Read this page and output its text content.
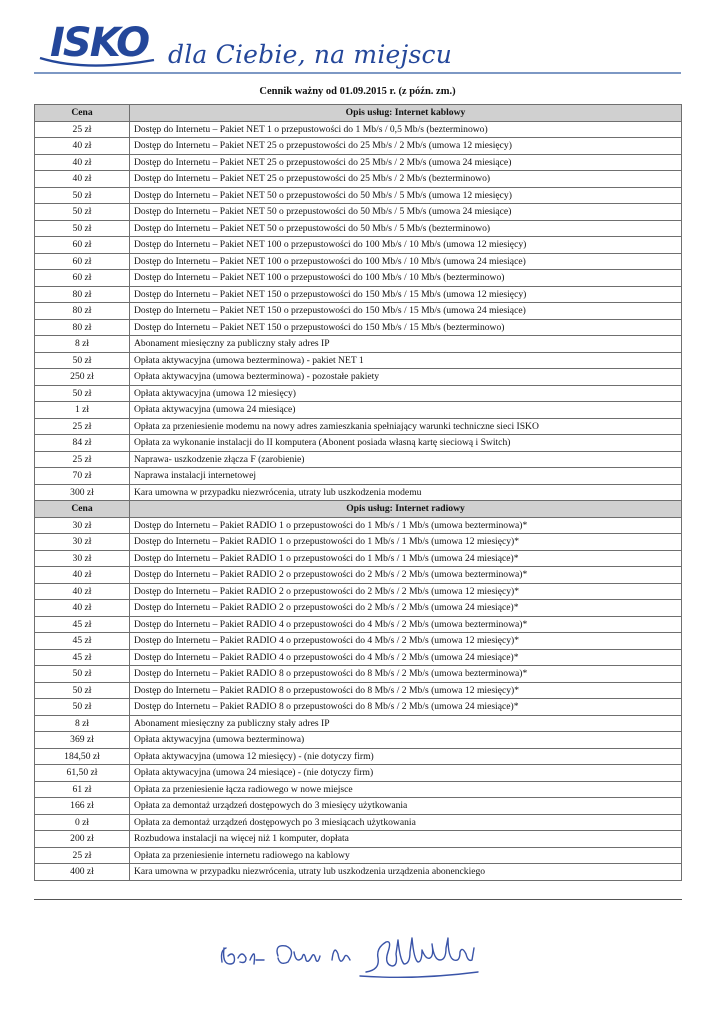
ISKO dla Ciebie, na miejscu
Cennik ważny od 01.09.2015 r. (z późn. zm.)
Cena	Opis usług: Internet kablowy
25 zł	Dostęp do Internetu – Pakiet NET 1 o przepustowości do 1 Mb/s / 0,5 Mb/s (bezterminowo)
40 zł	Dostęp do Internetu – Pakiet NET 25 o przepustowości do 25 Mb/s / 2 Mb/s (umowa 12 miesięcy)
40 zł	Dostęp do Internetu – Pakiet NET 25 o przepustowości do 25 Mb/s / 2 Mb/s (umowa 24 miesiące)
40 zł	Dostęp do Internetu – Pakiet NET 25 o przepustowości do 25 Mb/s / 2 Mb/s (bezterminowo)
50 zł	Dostęp do Internetu – Pakiet NET 50 o przepustowości do 50 Mb/s / 5 Mb/s (umowa 12 miesięcy)
50 zł	Dostęp do Internetu – Pakiet NET 50 o przepustowości do 50 Mb/s / 5 Mb/s (umowa 24 miesiące)
50 zł	Dostęp do Internetu – Pakiet NET 50 o przepustowości do 50 Mb/s / 5 Mb/s (bezterminowo)
60 zł	Dostęp do Internetu – Pakiet NET 100 o przepustowości do 100 Mb/s / 10 Mb/s (umowa 12 miesięcy)
60 zł	Dostęp do Internetu – Pakiet NET 100 o przepustowości do 100 Mb/s / 10 Mb/s (umowa 24 miesiące)
60 zł	Dostęp do Internetu – Pakiet NET 100 o przepustowości do 100 Mb/s / 10 Mb/s (bezterminowo)
80 zł	Dostęp do Internetu – Pakiet NET 150 o przepustowości do 150 Mb/s / 15 Mb/s (umowa 12 miesięcy)
80 zł	Dostęp do Internetu – Pakiet NET 150 o przepustowości do 150 Mb/s / 15 Mb/s (umowa 24 miesiące)
80 zł	Dostęp do Internetu – Pakiet NET 150 o przepustowości do 150 Mb/s / 15 Mb/s (bezterminowo)
8 zł	Abonament miesięczny za publiczny stały adres IP
50 zł	Opłata aktywacyjna (umowa bezterminowa) - pakiet NET 1
250 zł	Opłata aktywacyjna (umowa bezterminowa) - pozostałe pakiety
50 zł	Opłata aktywacyjna (umowa 12 miesięcy)
1 zł	Opłata aktywacyjna (umowa 24 miesiące)
25 zł	Opłata za przeniesienie modemu na nowy adres zamieszkania spełniający warunki techniczne sieci ISKO
84 zł	Opłata za wykonanie instalacji do II komputera (Abonent posiada własną kartę sieciową i Switch)
25 zł	Naprawa- uszkodzenie złącza F (zarobienie)
70 zł	Naprawa instalacji internetowej
300 zł	Kara umowna w przypadku niezwrócenia, utraty lub uszkodzenia modemu
Cena	Opis usług: Internet radiowy
30 zł	Dostęp do Internetu – Pakiet RADIO 1 o przepustowości do 1 Mb/s / 1 Mb/s (umowa bezterminowa)*
30 zł	Dostęp do Internetu – Pakiet RADIO 1 o przepustowości do 1 Mb/s / 1 Mb/s (umowa 12 miesięcy)*
30 zł	Dostęp do Internetu – Pakiet RADIO 1 o przepustowości do 1 Mb/s / 1 Mb/s (umowa 24 miesiące)*
40 zł	Dostęp do Internetu – Pakiet RADIO 2 o przepustowości do 2 Mb/s / 2 Mb/s (umowa bezterminowa)*
40 zł	Dostęp do Internetu – Pakiet RADIO 2 o przepustowości do 2 Mb/s / 2 Mb/s (umowa 12 miesięcy)*
40 zł	Dostęp do Internetu – Pakiet RADIO 2 o przepustowości do 2 Mb/s / 2 Mb/s (umowa 24 miesiące)*
45 zł	Dostęp do Internetu – Pakiet RADIO 4 o przepustowości do 4 Mb/s / 2 Mb/s (umowa bezterminowa)*
45 zł	Dostęp do Internetu – Pakiet RADIO 4 o przepustowości do 4 Mb/s / 2 Mb/s (umowa 12 miesięcy)*
45 zł	Dostęp do Internetu – Pakiet RADIO 4 o przepustowości do 4 Mb/s / 2 Mb/s (umowa 24 miesiące)*
50 zł	Dostęp do Internetu – Pakiet RADIO 8 o przepustowości do 8 Mb/s / 2 Mb/s (umowa bezterminowa)*
50 zł	Dostęp do Internetu – Pakiet RADIO 8 o przepustowości do 8 Mb/s / 2 Mb/s (umowa 12 miesięcy)*
50 zł	Dostęp do Internetu – Pakiet RADIO 8 o przepustowości do 8 Mb/s / 2 Mb/s (umowa 24 miesiące)*
8 zł	Abonament miesięczny za publiczny stały adres IP
369 zł	Opłata aktywacyjna (umowa bezterminowa)
184,50 zł	Opłata aktywacyjna (umowa 12 miesięcy) - (nie dotyczy firm)
61,50 zł	Opłata aktywacyjna (umowa 24 miesiące) - (nie dotyczy firm)
61 zł	Opłata za przeniesienie łącza radiowego w nowe miejsce
166 zł	Opłata za demontaż urządzeń dostępowych do 3 miesięcy użytkowania
0 zł	Opłata za demontaż urządzeń dostępowych po 3 miesiącach użytkowania
200 zł	Rozbudowa instalacji na więcej niż 1 komputer, dopłata
25 zł	Opłata za przeniesienie internetu radiowego na kablowy
400 zł	Kara umowna w przypadku niezwrócenia, utraty lub uszkodzenia urządzenia abonenckiego
